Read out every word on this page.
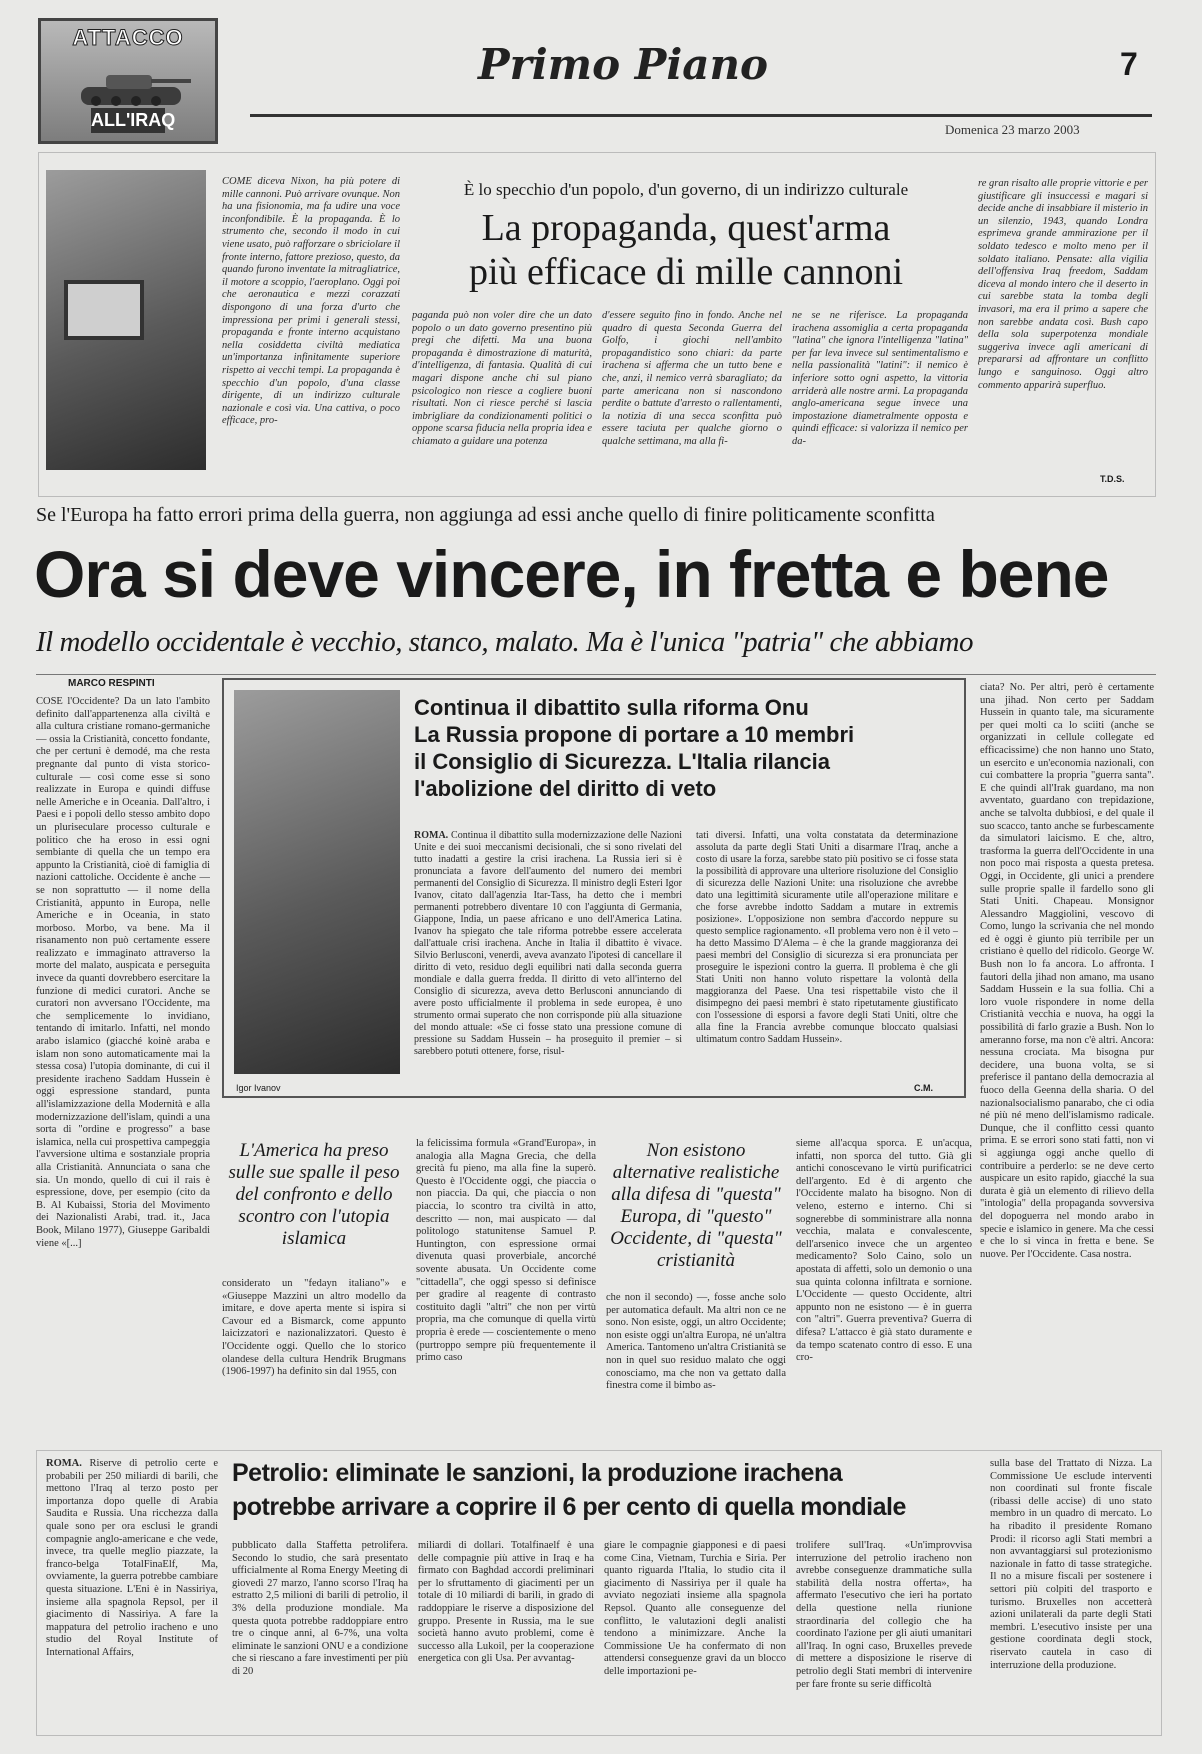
ATTACCO
ALL'IRAQ
Primo Piano	7
Domenica 23 marzo 2003
COME diceva Nixon, ha più potere di mille cannoni. Può arrivare ovunque. Non ha una fisionomia, ma fa udire una voce inconfondibile. È la propaganda. È lo strumento che, secondo il modo in cui viene usato, può rafforzare o sbriciolare il fronte interno, fattore prezioso, questo, da quando furono inventate la mitragliatrice, il motore a scoppio, l'aeroplano. Oggi poi che aeronautica e mezzi corazzati dispongono di una forza d'urto che impressiona per primi i generali stessi, propaganda e fronte interno acquistano nella cosiddetta civiltà mediatica un'importanza infinitamente superiore rispetto ai vecchi tempi. La propaganda è specchio d'un popolo, d'una classe dirigente, di un indirizzo culturale nazionale e così via. Una cattiva, o poco efficace, pro-
È lo specchio d'un popolo, d'un governo, di un indirizzo culturale
La propaganda, quest'arma
più efficace di mille cannoni
paganda può non voler dire che un dato popolo o un dato governo presentino più pregi che difetti. Ma una buona propaganda è dimostrazione di maturità, d'intelligenza, di fantasia. Qualità di cui magari dispone anche chi sul piano psicologico non riesce a cogliere buoni risultati. Non ci riesce perché si lascia imbrigliare da condizionamenti politici o oppone scarsa fiducia nella propria idea e chiamato a guidare una potenza
d'essere seguito fino in fondo. Anche nel quadro di questa Seconda Guerra del Golfo, i giochi nell'ambito propagandistico sono chiari: da parte irachena si afferma che un tutto bene e che, anzi, il nemico verrà sbaragliato; da parte americana non si nascondono perdite o battute d'arresto o rallentamenti, la notizia di una secca sconfitta può essere taciuta per qualche giorno o qualche settimana, ma alla fi-
ne se ne riferisce. La propaganda irachena assomiglia a certa propaganda "latina" che ignora l'intelligenza "latina" per far leva invece sul sentimentalismo e nella passionalità "latini": il nemico è inferiore sotto ogni aspetto, la vittoria arriderà alle nostre armi. La propaganda anglo-americana segue invece una impostazione diametralmente opposta e quindi efficace: si valorizza il nemico per da-
re gran risalto alle proprie vittorie e per giustificare gli insuccessi e magari si decide anche di insabbiare il misterio in un silenzio, 1943, quando Londra esprimeva grande ammirazione per il soldato tedesco e molto meno per il soldato italiano. Pensate: alla vigilia dell'offensiva Iraq freedom, Saddam diceva al mondo intero che il deserto in cui sarebbe stata la tomba degli invasori, ma era il primo a sapere che non sarebbe andata così. Bush capo della sola superpotenza mondiale suggeriva invece agli americani di prepararsi ad affrontare un conflitto lungo e sanguinoso. Oggi altro commento apparirà superfluo.
T.D.S.
Se l'Europa ha fatto errori prima della guerra, non aggiunga ad essi anche quello di finire politicamente sconfitta
Ora si deve vincere, in fretta e bene
Il modello occidentale è vecchio, stanco, malato. Ma è l'unica "patria" che abbiamo
MARCO RESPINTI
COSE l'Occidente? Da un lato l'ambito definito dall'appartenenza alla civiltà e alla cultura cristiane romano-germaniche — ossia la Cristianità, concetto fondante, che per certuni è demodé, ma che resta pregnante dal punto di vista storico-culturale — così come esse si sono realizzate in Europa e quindi diffuse nelle Americhe e in Oceania. Dall'altro, i Paesi e i popoli dello stesso ambito dopo un pluriseculare processo culturale e politico che ha eroso in essi ogni sembiante di quella che un tempo era appunto la Cristianità, cioè di famiglia di nazioni cattoliche. Occidente è anche — se non soprattutto — il nome della Cristianità, appunto in Europa, nelle Americhe e in Oceania, in stato morboso. Morbo, va bene. Ma il risanamento non può certamente essere realizzato e immaginato attraverso la morte del malato, auspicata e perseguita invece da quanti dovrebbero esercitare la funzione di medici curatori. Anche se curatori non avversano l'Occidente, ma che semplicemente lo invidiano, tentando di imitarlo. Infatti, nel mondo arabo islamico (giacché koinè araba e islam non sono automaticamente mai la stessa cosa) l'utopia dominante, di cui il presidente iracheno Saddam Hussein è oggi espressione standard, punta all'islamizzazione della Modernità e alla modernizzazione dell'islam, quindi a una sorta di "ordine e progresso" a base islamica, nella cui prospettiva campeggia l'avversione ultima e sostanziale propria alla Cristianità. Annunciata o sana che sia. Un mondo, quello di cui il rais è espressione, dove, per esempio (cito da B. Al Kubaissi, Storia del Movimento dei Nazionalisti Arabi, trad. it., Jaca Book, Milano 1977), Giuseppe Garibaldi viene «[...]
Igor Ivanov
Continua il dibattito sulla riforma Onu
La Russia propone di portare a 10 membri
il Consiglio di Sicurezza. L'Italia rilancia
l'abolizione del diritto di veto
ROMA. Continua il dibattito sulla modernizzazione delle Nazioni Unite e dei suoi meccanismi decisionali, che si sono rivelati del tutto inadatti a gestire la crisi irachena. La Russia ieri si è pronunciata a favore dell'aumento del numero dei membri permanenti del Consiglio di Sicurezza. Il ministro degli Esteri Igor Ivanov, citato dall'agenzia Itar-Tass, ha detto che i membri permanenti potrebbero diventare 10 con l'aggiunta di Germania, Giappone, India, un paese africano e uno dell'America Latina. Ivanov ha spiegato che tale riforma potrebbe essere accelerata dall'attuale crisi irachena. Anche in Italia il dibattito è vivace. Silvio Berlusconi, venerdì, aveva avanzato l'ipotesi di cancellare il diritto di veto, residuo degli equilibri nati dalla seconda guerra mondiale e dalla guerra fredda. Il diritto di veto all'interno del Consiglio di sicurezza, aveva detto Berlusconi annunciando di avere posto ufficialmente il problema in sede europea, è uno strumento ormai superato che non corrisponde più alla situazione del mondo attuale: «Se ci fosse stato una pressione comune di pressione su Saddam Hussein – ha proseguito il premier – si sarebbero potuti ottenere, forse, risul-
tati diversi. Infatti, una volta constatata da determinazione assoluta da parte degli Stati Uniti a disarmare l'Iraq, anche a costo di usare la forza, sarebbe stato più positivo se ci fosse stata la possibilità di approvare una ulteriore risoluzione del Consiglio di sicurezza delle Nazioni Unite: una risoluzione che avrebbe dato una legittimità sicuramente utile all'operazione militare e che forse avrebbe indotto Saddam a mutare in extremis posizione». L'opposizione non sembra d'accordo neppure su questo semplice ragionamento. «Il problema vero non è il veto – ha detto Massimo D'Alema – è che la grande maggioranza dei paesi membri del Consiglio di sicurezza si era pronunciata per proseguire le ispezioni contro la guerra. Il problema è che gli Stati Uniti non hanno voluto rispettare la volontà della maggioranza del Paese. Una tesi rispettabile visto che il disimpegno dei paesi membri è stato ripetutamente giustificato con l'ossessione di esporsi a favore degli Stati Uniti, oltre che alla fine la Francia avrebbe comunque bloccato qualsiasi ultimatum contro Saddam Hussein».
C.M.
L'America ha preso sulle sue spalle il peso del confronto e dello scontro con l'utopia islamica
considerato un "fedayn italiano"» e «Giuseppe Mazzini un altro modello da imitare, e dove aperta mente si ispira si Cavour ed a Bismarck, come appunto laicizzatori e nazionalizzatori. Questo è l'Occidente oggi. Quello che lo storico olandese della cultura Hendrik Brugmans (1906-1997) ha definito sin dal 1955, con
la felicissima formula «Grand'Europa», in analogia alla Magna Grecia, che della grecità fu pieno, ma alla fine la superò. Questo è l'Occidente oggi, che piaccia o non piaccia. Da qui, che piaccia o non piaccia, lo scontro tra civiltà in atto, descritto — non, mai auspicato — dal politologo statunitense Samuel P. Huntington, con espressione ormai divenuta quasi proverbiale, ancorché sovente abusata. Un Occidente come "cittadella", che oggi spesso si definisce per gradire al reagente di contrasto costituito dagli "altri" che non per virtù propria, ma che comunque di quella virtù propria è erede — coscientemente o meno (purtroppo sempre più frequentemente il primo caso
Non esistono alternative realistiche alla difesa di "questa" Europa, di "questo" Occidente, di "questa" cristianità
che non il secondo) —, fosse anche solo per automatica default. Ma altri non ce ne sono. Non esiste, oggi, un altro Occidente; non esiste oggi un'altra Europa, né un'altra America. Tantomeno un'altra Cristianità se non in quel suo residuo malato che oggi conosciamo, ma che non va gettato dalla finestra come il bimbo as-
sieme all'acqua sporca. È un'acqua, infatti, non sporca del tutto. Già gli antichi conoscevano le virtù purificatrici dell'argento. Ed è di argento che l'Occidente malato ha bisogno. Non di veleno, esterno e interno. Chi si sognerebbe di somministrare alla nonna vecchia, malata e convalescente, dell'arsenico invece che un argenteo medicamento? Solo Caino, solo un apostata di affetti, solo un demonio o una sua quinta colonna infiltrata e sornione. L'Occidente — questo Occidente, altri appunto non ne esistono — è in guerra con "altri". Guerra preventiva? Guerra di difesa? L'attacco è già stato duramente e da tempo scatenato contro di esso. E una cro-
ciata? No. Per altri, però è certamente una jihad. Non certo per Saddam Hussein in quanto tale, ma sicuramente per quei molti ca lo sciiti (anche se organizzati in cellule collegate ed efficacissime) che non hanno uno Stato, un esercito e un'economia nazionali, con cui combattere la propria "guerra santa". E che quindi all'Irak guardano, ma non avventato, guardano con trepidazione, anche se talvolta dubbiosi, e del quale il suo scacco, tanto anche se furbescamente da simulatori laicismo. E che, altro, trasforma la guerra dell'Occidente in una non poco mai risposta a questa pretesa. Oggi, in Occidente, gli unici a prendere sulle proprie spalle il fardello sono gli Stati Uniti. Chapeau. Monsignor Alessandro Maggiolini, vescovo di Como, lungo la scrivania che nel mondo ed è oggi è giunto più terribile per un cristiano è quello del ridicolo. George W. Bush non lo fa ancora. Lo affronta. I fautori della jihad non amano, ma usano Saddam Hussein e la sua follia. Chi a loro vuole rispondere in nome della Cristianità vecchia e nuova, ha oggi la possibilità di farlo grazie a Bush. Non lo ameranno forse, ma non c'è altri. Ancora: nessuna crociata. Ma bisogna pur decidere, una buona volta, se si preferisce il pantano della democrazia al fuoco della Geenna della sharia. O del nazionalsocialismo panarabo, che ci odia né più né meno dell'islamismo radicale. Dunque, che il conflitto cessi quanto prima. E se errori sono stati fatti, non vi si aggiunga oggi anche quello di contribuire a perderlo: se ne deve certo auspicare un esito rapido, giacché la sua durata è già un elemento di rilievo della "intologia" della propaganda sovversiva del dopoguerra nel mondo arabo in specie e islamico in genere. Ma che cessi e che lo si vinca in fretta e bene. Se nuove. Per l'Occidente. Casa nostra.
ROMA. Riserve di petrolio certe e probabili per 250 miliardi di barili, che mettono l'Iraq al terzo posto per importanza dopo quelle di Arabia Saudita e Russia. Una ricchezza dalla quale sono per ora esclusi le grandi compagnie anglo-americane e che vede, invece, tra quelle meglio piazzate, la franco-belga TotalFinaElf, Ma, ovviamente, la guerra potrebbe cambiare questa situazione. L'Eni è in Nassiriya, insieme alla spagnola Repsol, per il giacimento di Nassiriya. A fare la mappatura del petrolio iracheno e uno studio del Royal Institute of International Affairs,
Petrolio: eliminate le sanzioni, la produzione irachena
potrebbe arrivare a coprire il 6 per cento di quella mondiale
pubblicato dalla Staffetta petrolifera. Secondo lo studio, che sarà presentato ufficialmente al Roma Energy Meeting di giovedì 27 marzo, l'anno scorso l'Iraq ha estratto 2,5 milioni di barili di petrolio, il 3% della produzione mondiale. Ma questa quota potrebbe raddoppiare entro tre o cinque anni, al 6-7%, una volta eliminate le sanzioni ONU e a condizione che si riescano a fare investimenti per più di 20
miliardi di dollari. Totalfinaelf è una delle compagnie più attive in Iraq e ha firmato con Baghdad accordi preliminari per lo sfruttamento di giacimenti per un totale di 10 miliardi di barili, in grado di raddoppiare le riserve a disposizione del gruppo. Presente in Russia, ma le sue società hanno avuto problemi, come è successo alla Lukoil, per la cooperazione energetica con gli Usa. Per avvantag-
giare le compagnie giapponesi e di paesi come Cina, Vietnam, Turchia e Siria. Per quanto riguarda l'Italia, lo studio cita il giacimento di Nassiriya per il quale ha avviato negoziati insieme alla spagnola Repsol. Quanto alle conseguenze del conflitto, le valutazioni degli analisti tendono a minimizzare. Anche la Commissione Ue ha confermato di non attendersi conseguenze gravi da un blocco delle importazioni pe-
trolifere sull'Iraq. «Un'improvvisa interruzione del petrolio iracheno non avrebbe conseguenze drammatiche sulla stabilità della nostra offerta», ha affermato l'esecutivo che ieri ha portato della questione nella riunione straordinaria del collegio che ha coordinato l'azione per gli aiuti umanitari all'Iraq. In ogni caso, Bruxelles prevede di mettere a disposizione le riserve di petrolio degli Stati membri di intervenire per fare fronte su serie difficoltà
sulla base del Trattato di Nizza. La Commissione Ue esclude interventi non coordinati sul fronte fiscale (ribassi delle accise) di uno stato membro in un quadro di mercato. Lo ha ribadito il presidente Romano Prodi: il ricorso agli Stati membri a non avvantaggiarsi sul protezionismo nazionale in fatto di tasse strategiche. Il no a misure fiscali per sostenere i settori più colpiti del trasporto e turismo. Bruxelles non accetterà azioni unilaterali da parte degli Stati membri. L'esecutivo insiste per una gestione coordinata degli stock, riservato cautela in caso di interruzione della produzione.
